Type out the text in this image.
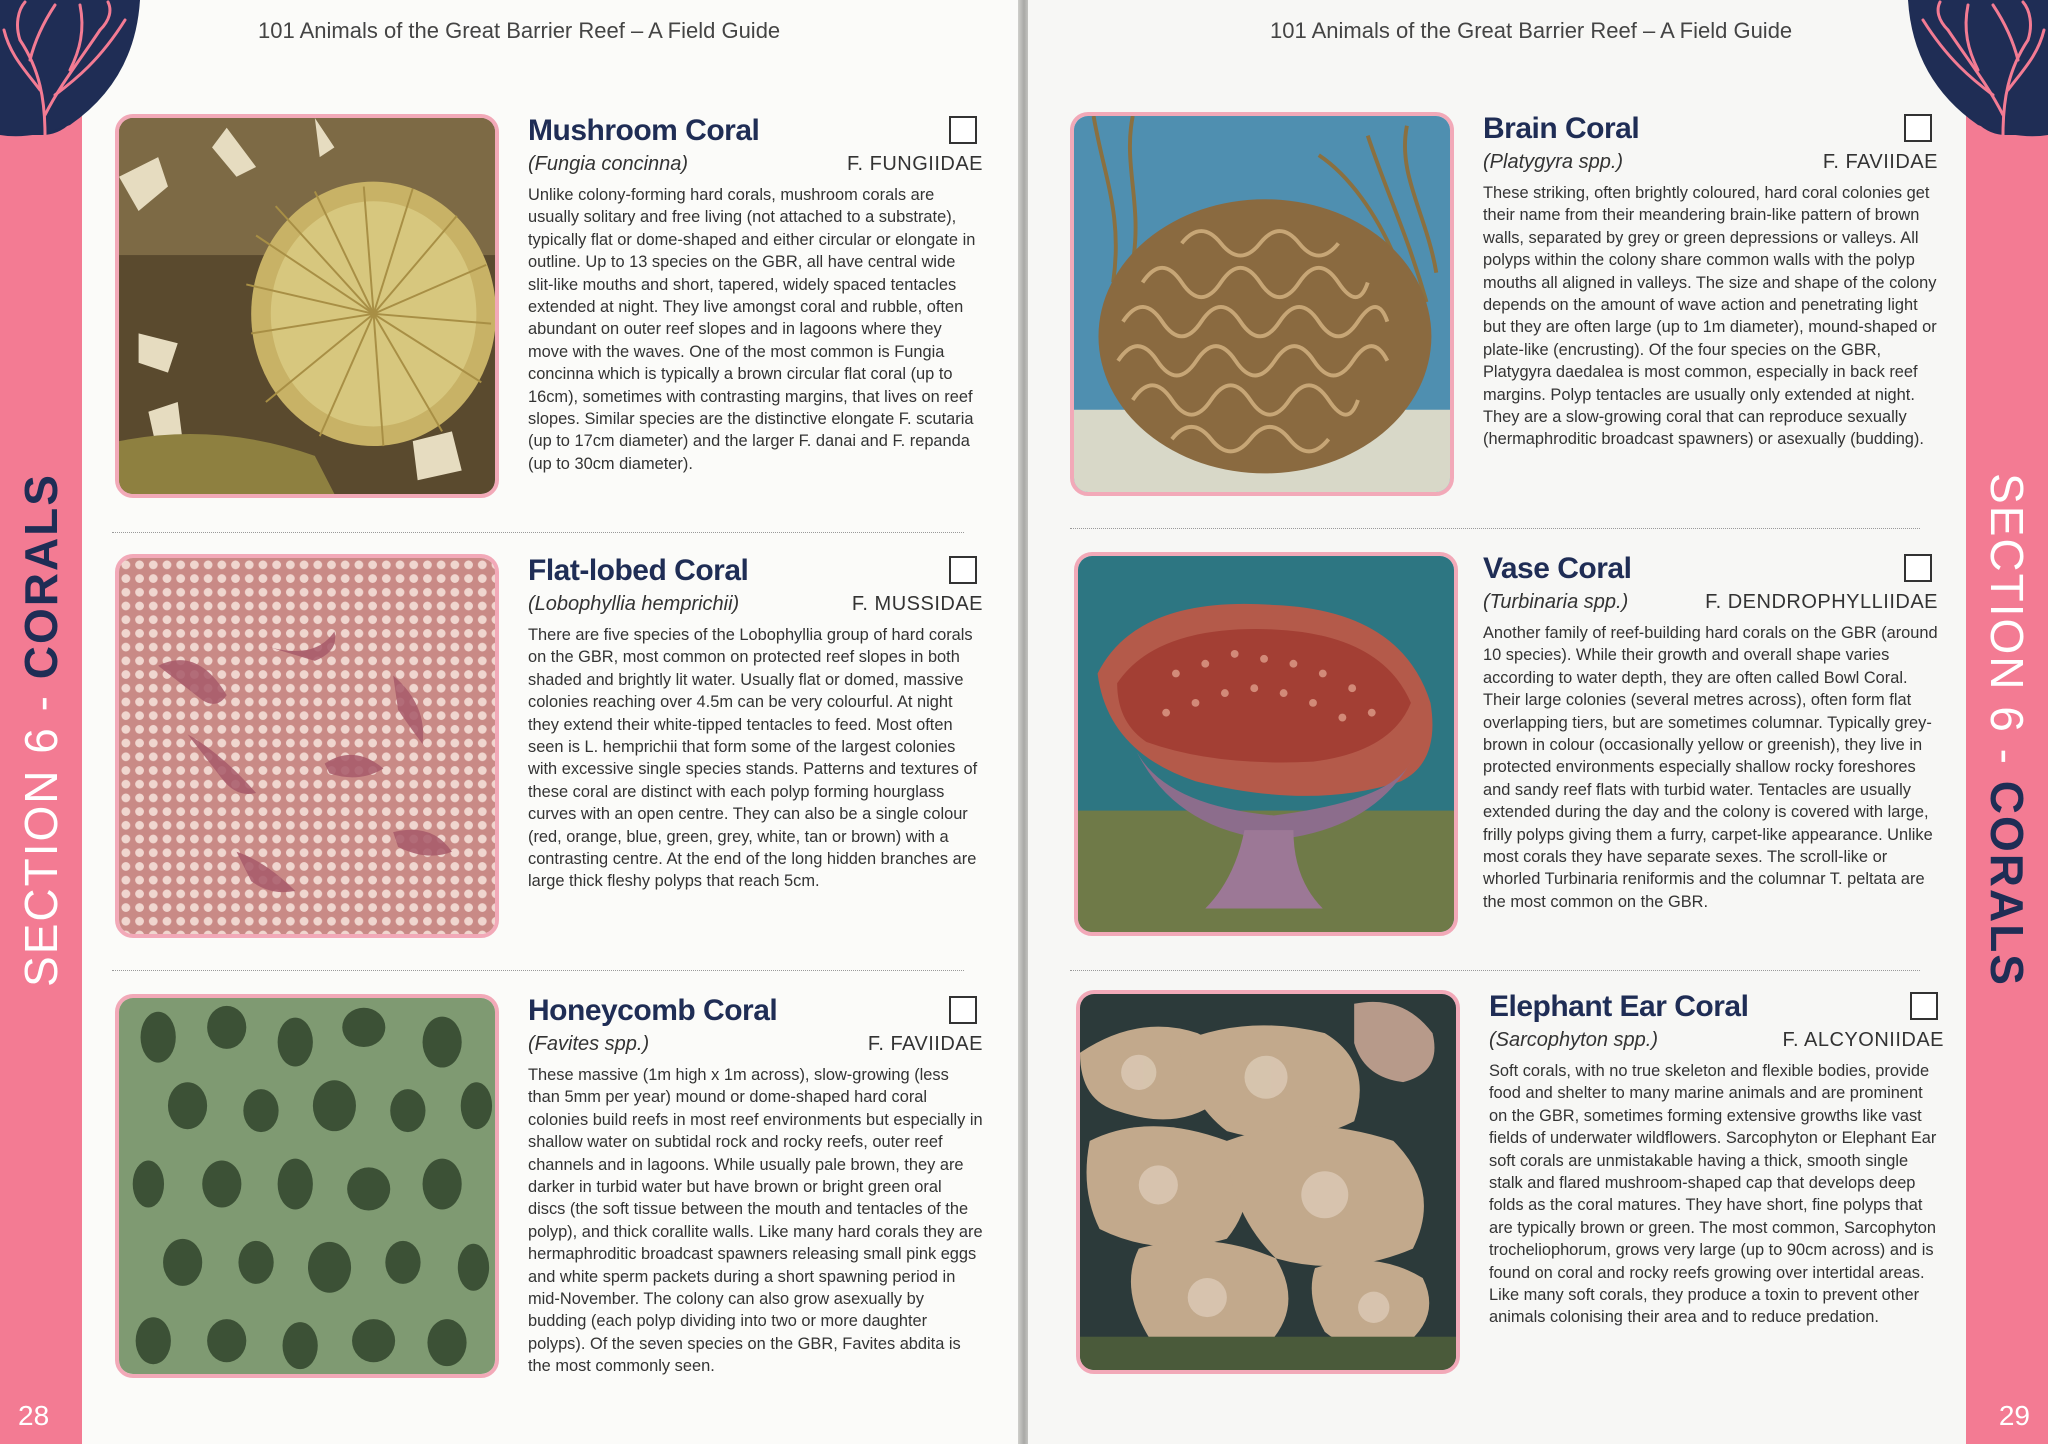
SECTION 6 - CORALS
28
101 Animals of the Great Barrier Reef – A Field Guide
Mushroom Coral
(Fungia concinna)	F. FUNGIIDAE
Unlike colony-forming hard corals, mushroom corals are usually solitary and free living (not attached to a substrate), typically flat or dome-shaped and either circular or elongate in outline. Up to 13 species on the GBR, all have central wide slit-like mouths and short, tapered, widely spaced tentacles extended at night. They live amongst coral and rubble, often abundant on outer reef slopes and in lagoons where they move with the waves. One of the most common is Fungia concinna which is typically a brown circular flat coral (up to 16cm), sometimes with contrasting margins, that lives on reef slopes. Similar species are the distinctive elongate F. scutaria (up to 17cm diameter) and the larger F. danai and F. repanda (up to 30cm diameter).
Flat-lobed Coral
(Lobophyllia hemprichii)	F. MUSSIDAE
There are five species of the Lobophyllia group of hard corals on the GBR, most common on protected reef slopes in both shaded and brightly lit water. Usually flat or domed, massive colonies reaching over 4.5m can be very colourful. At night they extend their white-tipped tentacles to feed. Most often seen is L. hemprichii that form some of the largest colonies with excessive single species stands. Patterns and textures of these coral are distinct with each polyp forming hourglass curves with an open centre. They can also be a single colour (red, orange, blue, green, grey, white, tan or brown) with a contrasting centre. At the end of the long hidden branches are large thick fleshy polyps that reach 5cm.
Honeycomb Coral
(Favites spp.)	F. FAVIIDAE
These massive (1m high x 1m across), slow-growing (less than 5mm per year) mound or dome-shaped hard coral colonies build reefs in most reef environments but especially in shallow water on subtidal rock and rocky reefs, outer reef channels and in lagoons. While usually pale brown, they are darker in turbid water but have brown or bright green oral discs (the soft tissue between the mouth and tentacles of the polyp), and thick corallite walls. Like many hard corals they are hermaphroditic broadcast spawners releasing small pink eggs and white sperm packets during a short spawning period in mid-November. The colony can also grow asexually by budding (each polyp dividing into two or more daughter polyps). Of the seven species on the GBR, Favites abdita is the most commonly seen.
SECTION 6 - CORALS
29
101 Animals of the Great Barrier Reef – A Field Guide
Brain Coral
(Platygyra spp.)	F. FAVIIDAE
These striking, often brightly coloured, hard coral colonies get their name from their meandering brain-like pattern of brown walls, separated by grey or green depressions or valleys. All polyps within the colony share common walls with the polyp mouths all aligned in valleys. The size and shape of the colony depends on the amount of wave action and penetrating light but they are often large (up to 1m diameter), mound-shaped or plate-like (encrusting). Of the four species on the GBR, Platygyra daedalea is most common, especially in back reef margins. Polyp tentacles are usually only extended at night. They are a slow-growing coral that can reproduce sexually (hermaphroditic broadcast spawners) or asexually (budding).
Vase Coral
(Turbinaria spp.)	F. DENDROPHYLLIIDAE
Another family of reef-building hard corals on the GBR (around 10 species). While their growth and overall shape varies according to water depth, they are often called Bowl Coral. Their large colonies (several metres across), often form flat overlapping tiers, but are sometimes columnar. Typically grey-brown in colour (occasionally yellow or greenish), they live in protected environments especially shallow rocky foreshores and sandy reef flats with turbid water. Tentacles are usually extended during the day and the colony is covered with large, frilly polyps giving them a furry, carpet-like appearance. Unlike most corals they have separate sexes. The scroll-like or whorled Turbinaria reniformis and the columnar T. peltata are the most common on the GBR.
Elephant Ear Coral
(Sarcophyton spp.)	F. ALCYONIIDAE
Soft corals, with no true skeleton and flexible bodies, provide food and shelter to many marine animals and are prominent on the GBR, sometimes forming extensive growths like vast fields of underwater wildflowers. Sarcophyton or Elephant Ear soft corals are unmistakable having a thick, smooth single stalk and flared mushroom-shaped cap that develops deep folds as the coral matures. They have short, fine polyps that are typically brown or green. The most common, Sarcophyton trocheliophorum, grows very large (up to 90cm across) and is found on coral and rocky reefs growing over intertidal areas. Like many soft corals, they produce a toxin to prevent other animals colonising their area and to reduce predation.
